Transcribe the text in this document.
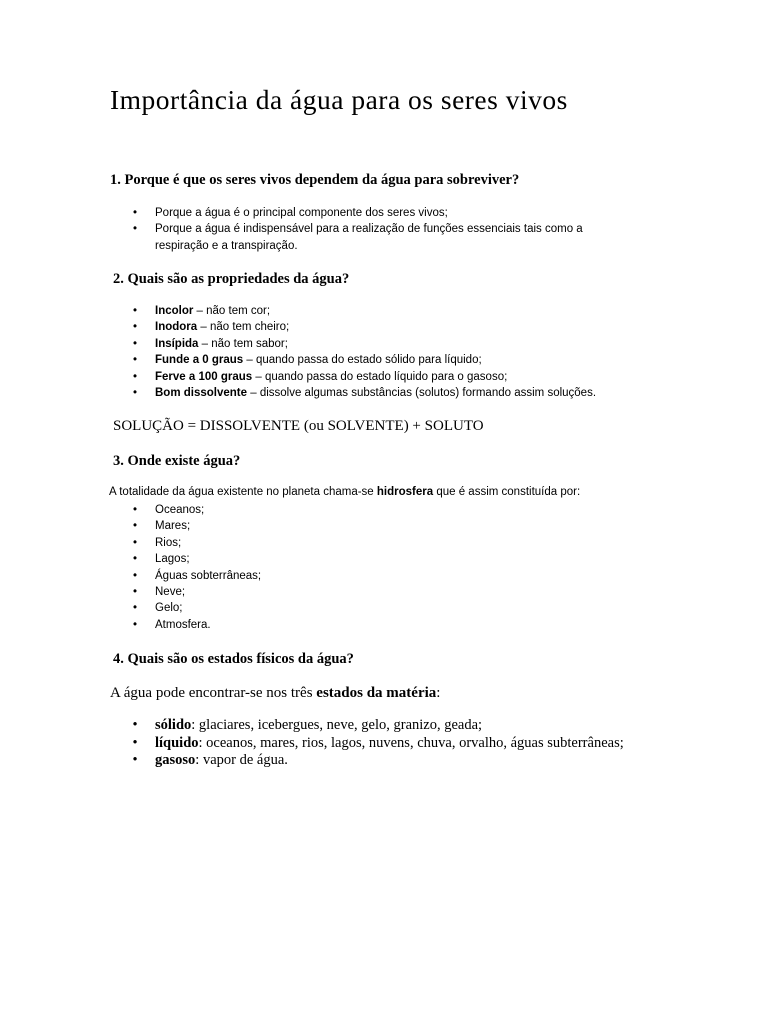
Importância da água para os seres vivos
1. Porque é que os seres vivos dependem da água para sobreviver?
• Porque a água é o principal componente dos seres vivos;
• Porque a água é indispensável para a realização de funções essenciais tais como a
respiração e a transpiração.
2. Quais são as propriedades da água?
• Incolor – não tem cor;
• Inodora – não tem cheiro;
• Insípida – não tem sabor;
• Funde a 0 graus – quando passa do estado sólido para líquido;
• Ferve a 100 graus – quando passa do estado líquido para o gasoso;
• Bom dissolvente – dissolve algumas substâncias (solutos) formando assim soluções.

SOLUÇÃO = DISSOLVENTE (ou SOLVENTE) + SOLUTO

3. Onde existe água?

A totalidade da água existente no planeta chama-se hidrosfera que é assim constituída por:

• Oceanos;
• Mares;
• Rios;
• Lagos;
• Águas sobterrâneas;
• Neve;
• Gelo;
• Atmosfera.
4. Quais são os estados físicos da água?

A água pode encontrar-se nos três estados da matéria:

• sólido: glaciares, icebergues, neve, gelo, granizo, geada;
• líquido: oceanos, mares, rios, lagos, nuvens, chuva, orvalho, águas subterrâneas;
• gasoso: vapor de água.
